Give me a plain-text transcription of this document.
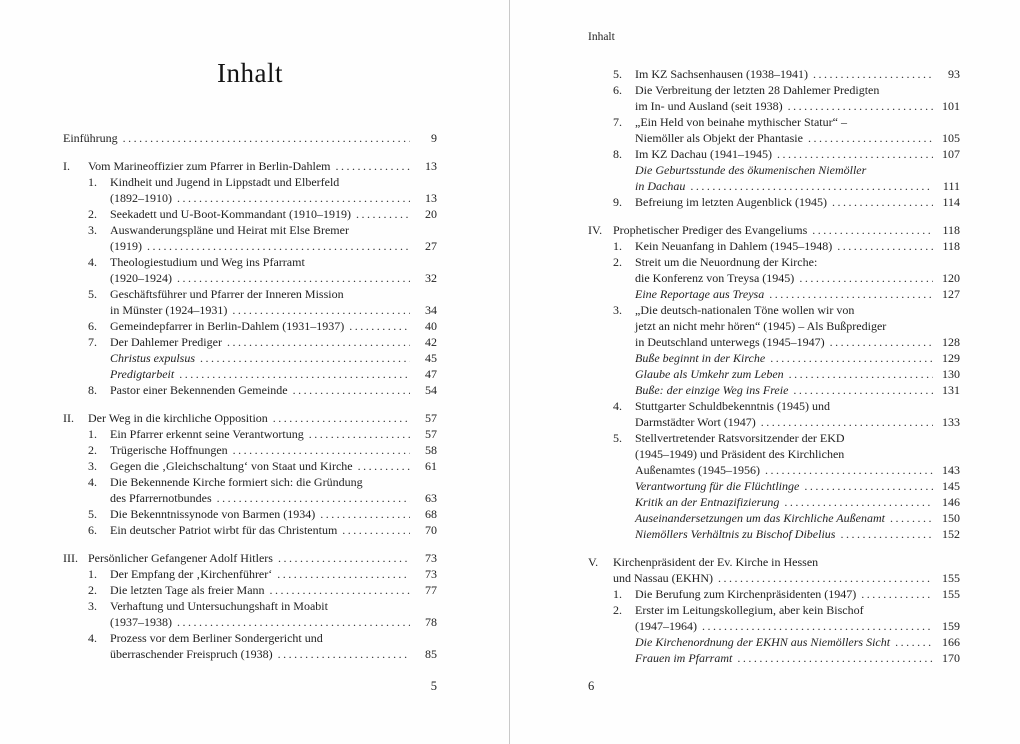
Inhalt
Einführung .....	9
I.	Vom Marineoffizier zum Pfarrer in Berlin-Dahlem .....	13
1.	Kindheit und Jugend in Lippstadt und Elberfeld
(1892–1910) .....	13
2.	Seekadett und U-Boot-Kommandant (1910–1919) .....	20
3.	Auswanderungspläne und Heirat mit Else Bremer
(1919) .....	27
4.	Theologiestudium und Weg ins Pfarramt
(1920–1924) .....	32
5.	Geschäftsführer und Pfarrer der Inneren Mission
in Münster (1924–1931) .....	34
6.	Gemeindepfarrer in Berlin-Dahlem (1931–1937) .....	40
7.	Der Dahlemer Prediger .....	42
Christus expulsus .....	45
Predigtarbeit .....	47
8.	Pastor einer Bekennenden Gemeinde .....	54
II.	Der Weg in die kirchliche Opposition .....	57
1.	Ein Pfarrer erkennt seine Verantwortung .....	57
2.	Trügerische Hoffnungen .....	58
3.	Gegen die ‚Gleichschaltung‘ von Staat und Kirche .....	61
4.	Die Bekennende Kirche formiert sich: die Gründung
des Pfarrernotbundes .....	63
5.	Die Bekenntnissynode von Barmen (1934) .....	68
6.	Ein deutscher Patriot wirbt für das Christentum .....	70
III. Persönlicher Gefangener Adolf Hitlers .....	73
1.	Der Empfang der ‚Kirchenführer‘ .....	73
2.	Die letzten Tage als freier Mann .....	77
3.	Verhaftung und Untersuchungshaft in Moabit
(1937–1938) .....	78
4.	Prozess vor dem Berliner Sondergericht und
überraschender Freispruch (1938) .....	85
5
Inhalt
5.	Im KZ Sachsenhausen (1938–1941) .....	93
6.	Die Verbreitung der letzten 28 Dahlemer Predigten
im In- und Ausland (seit 1938) .....	101
7.	„Ein Held von beinahe mythischer Statur“ –
Niemöller als Objekt der Phantasie .....	105
8.	Im KZ Dachau (1941–1945) .....	107
Die Geburtsstunde des ökumenischen Niemöller
in Dachau .....	111
9.	Befreiung im letzten Augenblick (1945) .....	114
IV. Prophetischer Prediger des Evangeliums .....	118
1.	Kein Neuanfang in Dahlem (1945–1948) .....	118
2.	Streit um die Neuordnung der Kirche:
die Konferenz von Treysa (1945) .....	120
Eine Reportage aus Treysa .....	127
3.	„Die deutsch-nationalen Töne wollen wir von
jetzt an nicht mehr hören“ (1945) – Als Bußprediger
in Deutschland unterwegs (1945–1947) .....	128
Buße beginnt in der Kirche .....	129
Glaube als Umkehr zum Leben .....	130
Buße: der einzige Weg ins Freie .....	131
4.	Stuttgarter Schuldbekenntnis (1945) und
Darmstädter Wort (1947) .....	133
5.	Stellvertretender Ratsvorsitzender der EKD
(1945–1949) und Präsident des Kirchlichen
Außenamtes (1945–1956) .....	143
Verantwortung für die Flüchtlinge .....	145
Kritik an der Entnazifizierung .....	146
Auseinandersetzungen um das Kirchliche Außenamt .....	150
Niemöllers Verhältnis zu Bischof Dibelius .....	152
V.	Kirchenpräsident der Ev. Kirche in Hessen
und Nassau (EKHN) .....	155
1.	Die Berufung zum Kirchenpräsidenten (1947) .....	155
2.	Erster im Leitungskollegium, aber kein Bischof
(1947–1964) .....	159
Die Kirchenordnung der EKHN aus Niemöllers Sicht .....	166
Frauen im Pfarramt .....	170
6
